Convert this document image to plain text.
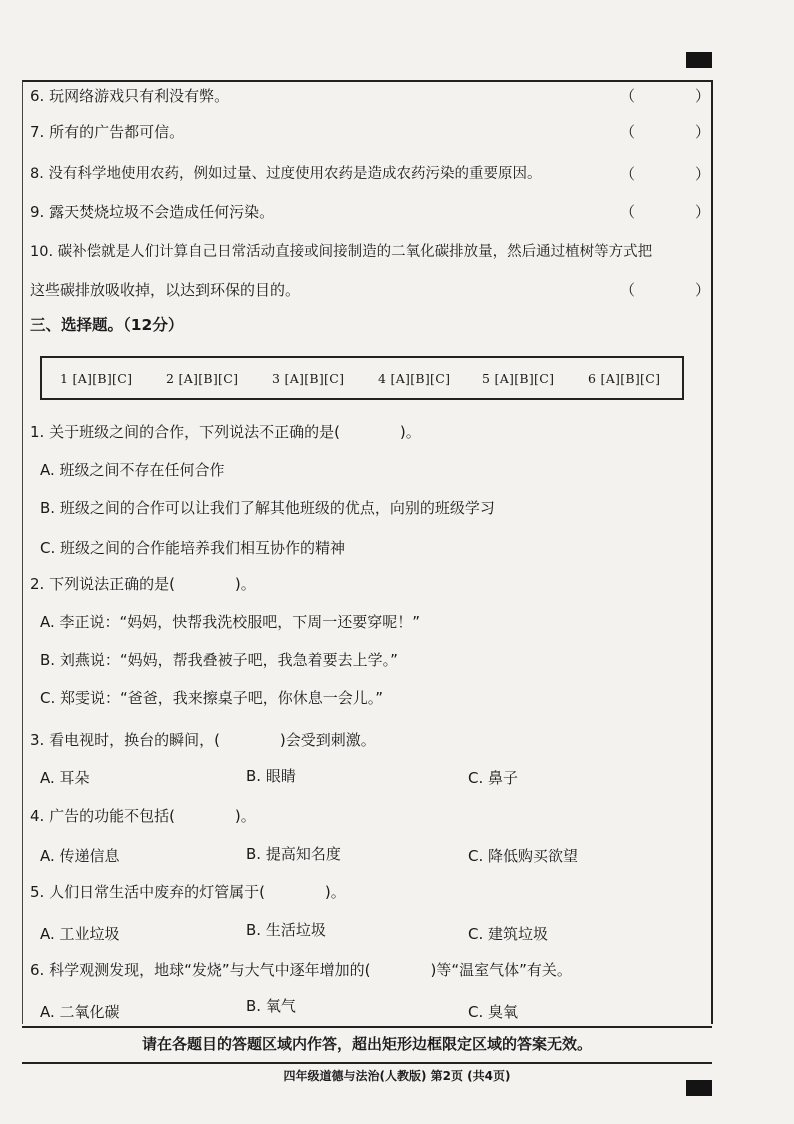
6. 玩网络游戏只有利没有弊。	（　　　　）
7. 所有的广告都可信。	（　　　　）
8. 没有科学地使用农药，例如过量、过度使用农药是造成农药污染的重要原因。	（　　　　）
9. 露天焚烧垃圾不会造成任何污染。	（　　　　）
10. 碳补偿就是人们计算自己日常活动直接或间接制造的二氧化碳排放量，然后通过植树等方式把
这些碳排放吸收掉，以达到环保的目的。	（　　　　）
三、选择题。（12分）
1 [A][B][C]	2 [A][B][C]	3 [A][B][C]	4 [A][B][C]	5 [A][B][C]	6 [A][B][C]
1. 关于班级之间的合作，下列说法不正确的是(　　　　)。
A. 班级之间不存在任何合作
B. 班级之间的合作可以让我们了解其他班级的优点，向别的班级学习
C. 班级之间的合作能培养我们相互协作的精神
2. 下列说法正确的是(　　　　)。
A. 李正说：“妈妈，快帮我洗校服吧，下周一还要穿呢！”
B. 刘燕说：“妈妈，帮我叠被子吧，我急着要去上学。”
C. 郑雯说：“爸爸，我来擦桌子吧，你休息一会儿。”
3. 看电视时，换台的瞬间，(　　　　)会受到刺激。
A. 耳朵	B. 眼睛	C. 鼻子
4. 广告的功能不包括(　　　　)。
A. 传递信息	B. 提高知名度	C. 降低购买欲望
5. 人们日常生活中废弃的灯管属于(　　　　)。
A. 工业垃圾	B. 生活垃圾	C. 建筑垃圾
6. 科学观测发现，地球“发烧”与大气中逐年增加的(　　　　)等“温室气体”有关。
A. 二氧化碳	B. 氧气	C. 臭氧
请在各题目的答题区域内作答，超出矩形边框限定区域的答案无效。
四年级道德与法治(人教版) 第2页 (共4页)
